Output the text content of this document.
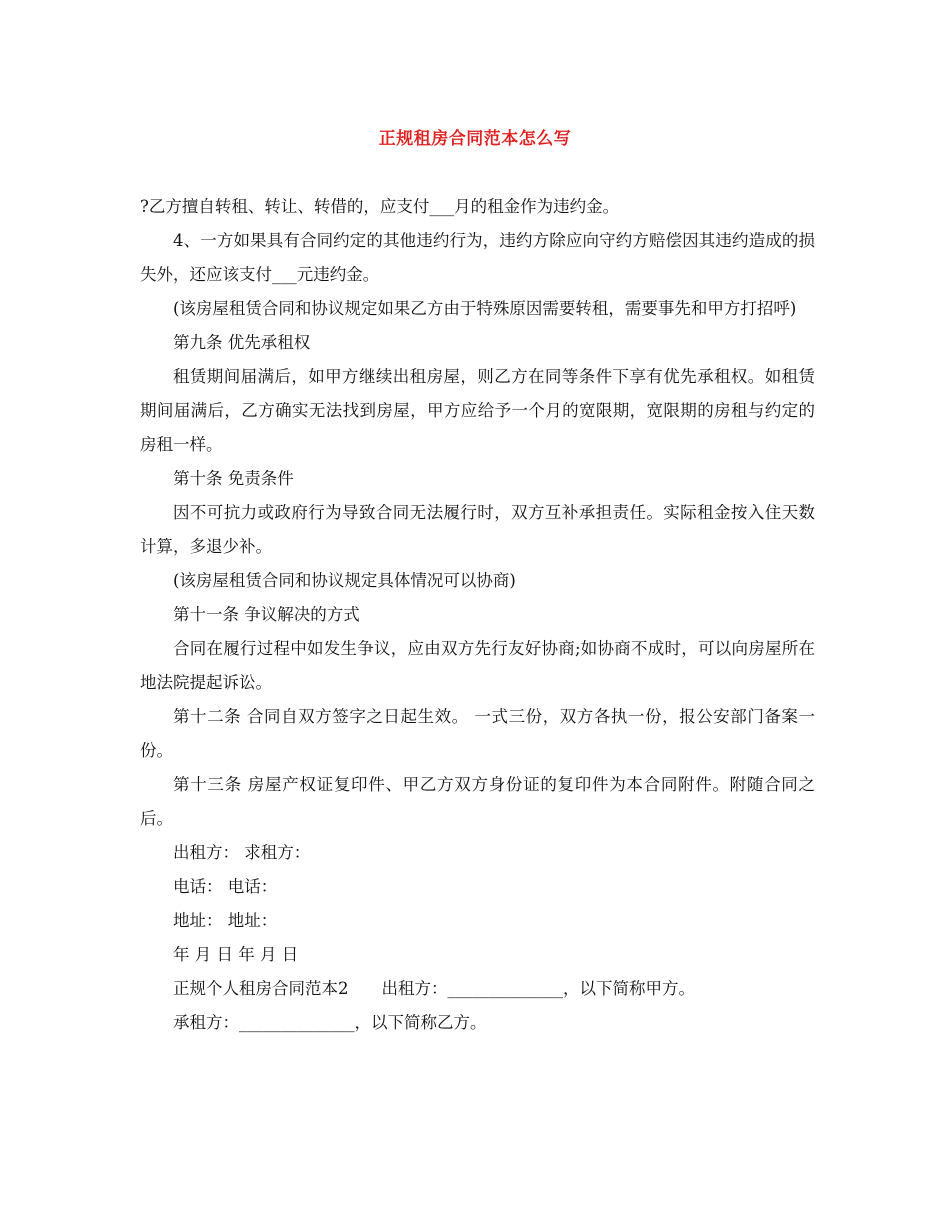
正规租房合同范本怎么写

?乙方擅自转租、转让、转借的，应支付___月的租金作为违约金。

4、一方如果具有合同约定的其他违约行为，违约方除应向守约方赔偿因其违约造成的损失外，还应该支付___元违约金。

(该房屋租赁合同和协议规定如果乙方由于特殊原因需要转租，需要事先和甲方打招呼)

第九条 优先承租权

租赁期间届满后，如甲方继续出租房屋，则乙方在同等条件下享有优先承租权。如租赁期间届满后，乙方确实无法找到房屋，甲方应给予一个月的宽限期，宽限期的房租与约定的房租一样。

第十条 免责条件

因不可抗力或政府行为导致合同无法履行时，双方互补承担责任。实际租金按入住天数计算，多退少补。

(该房屋租赁合同和协议规定具体情况可以协商)

第十一条 争议解决的方式

合同在履行过程中如发生争议，应由双方先行友好协商;如协商不成时，可以向房屋所在地法院提起诉讼。

第十二条 合同自双方签字之日起生效。 一式三份，双方各执一份，报公安部门备案一份。

第十三条 房屋产权证复印件、甲乙方双方身份证的复印件为本合同附件。附随合同之后。

出租方： 求租方：

电话： 电话：

地址： 地址：

年 月 日 年 月 日

正规个人租房合同范本2　　出租方：______________，以下简称甲方。

承租方：______________，以下简称乙方。
